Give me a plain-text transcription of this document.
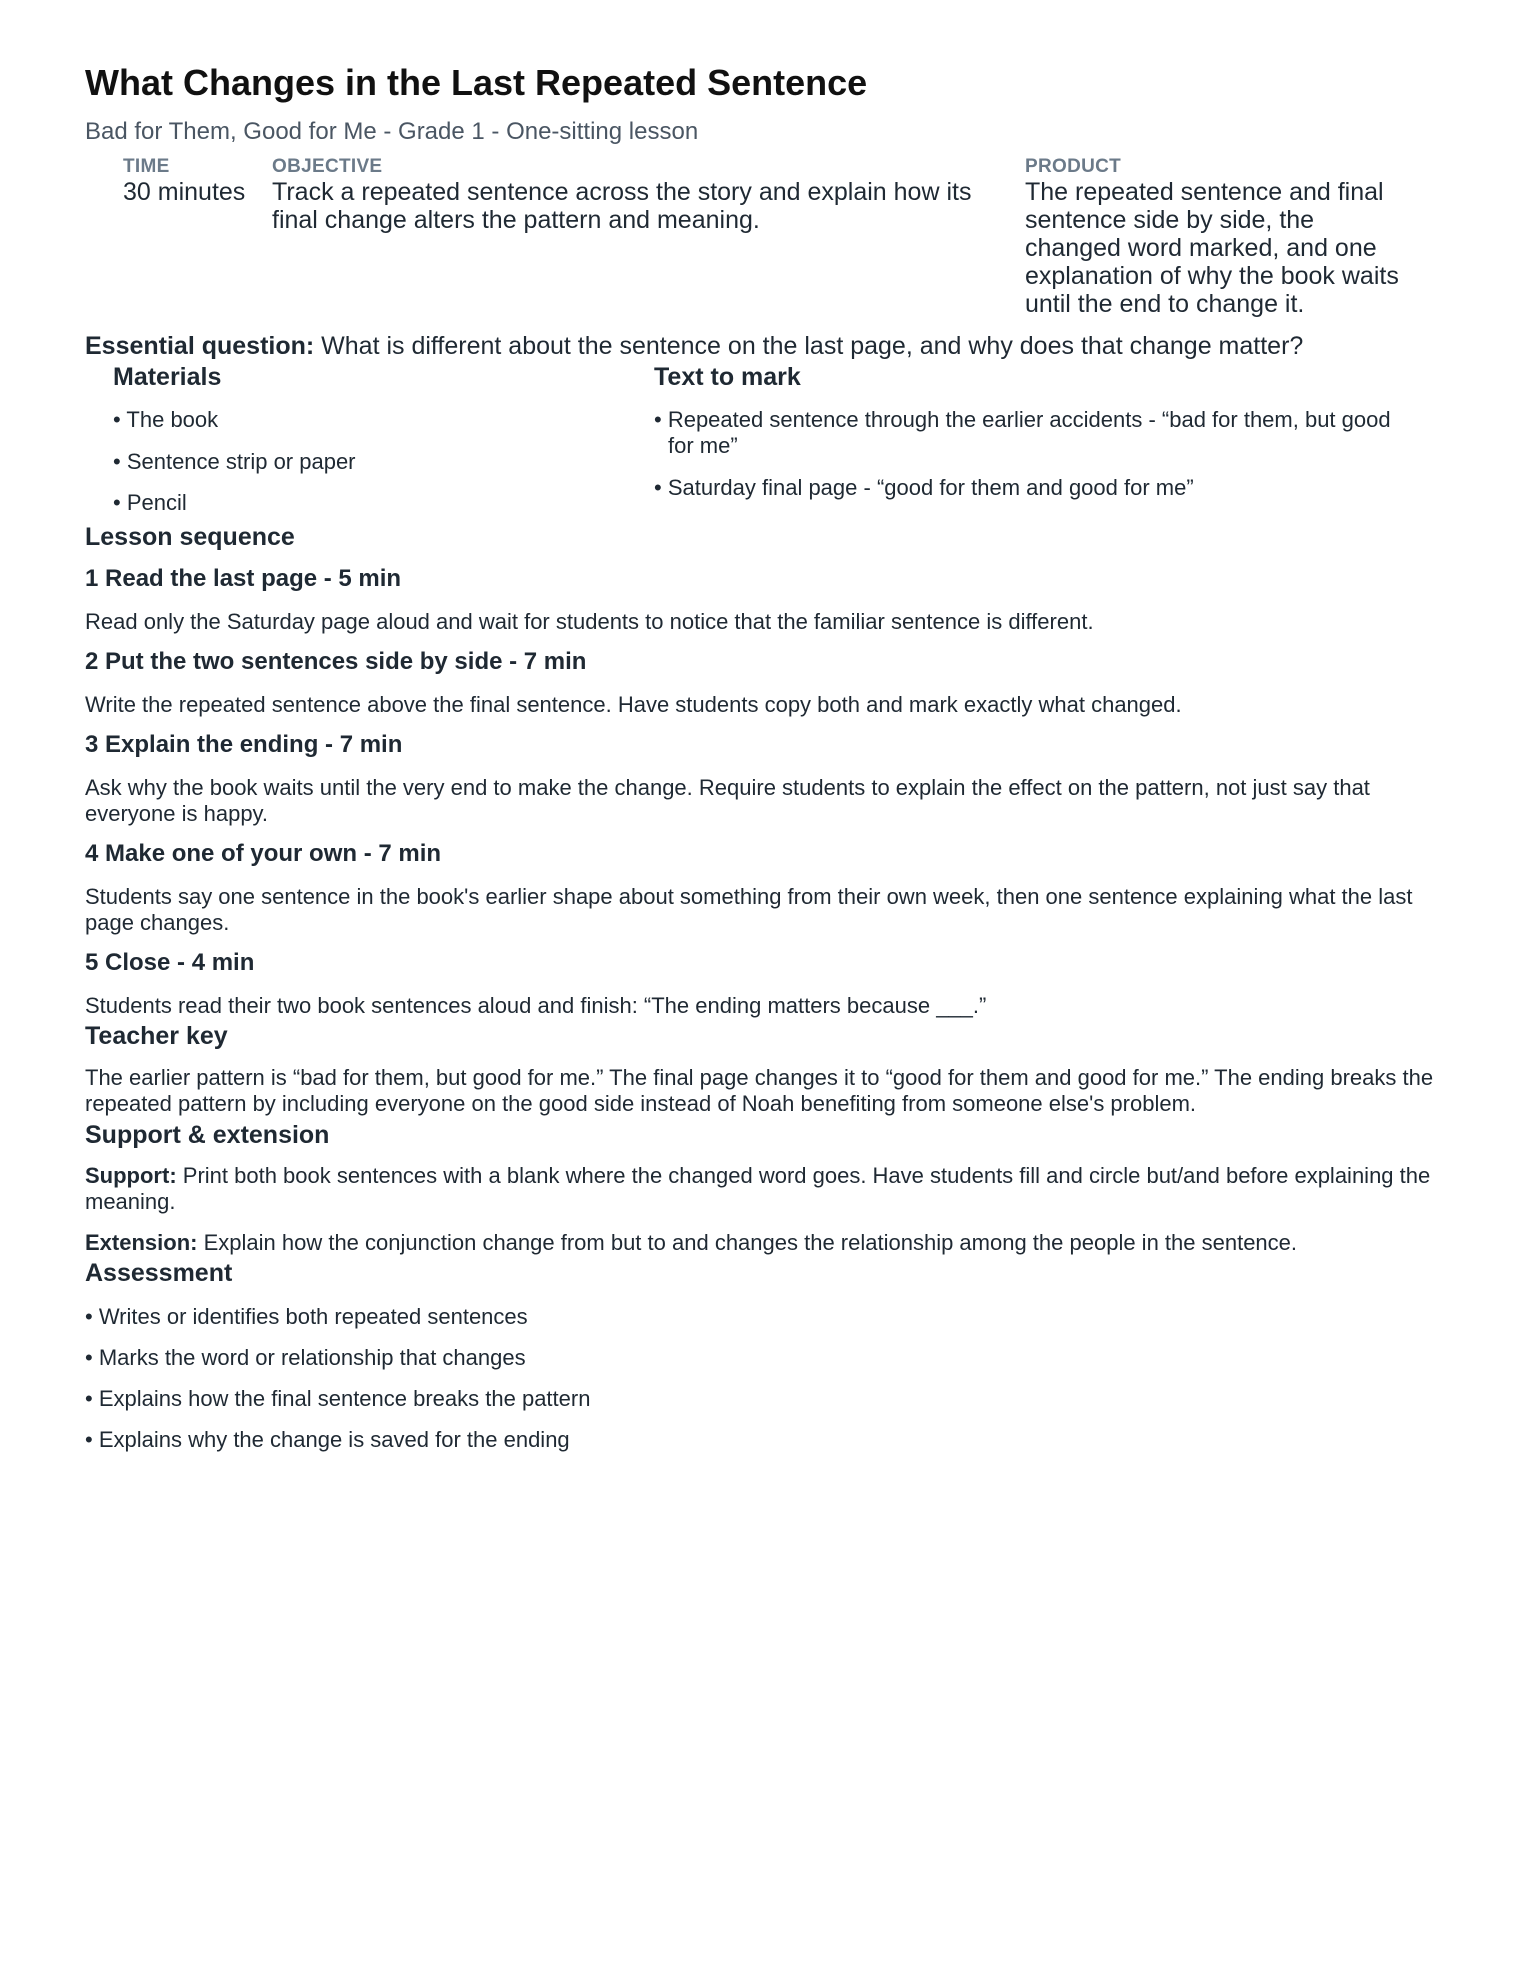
What Changes in the Last Repeated Sentence
Bad for Them, Good for Me - Grade 1 - One-sitting lesson
TIME
30 minutes
OBJECTIVE
Track a repeated sentence across the story and explain how its final change alters the pattern and meaning.
PRODUCT
The repeated sentence and final sentence side by side, the changed word marked, and one explanation of why the book waits until the end to change it.
Essential question: What is different about the sentence on the last page, and why does that change matter?
Materials
• The book
• Sentence strip or paper
• Pencil
Text to mark
• Repeated sentence through the earlier accidents - “bad for them, but good for me”
• Saturday final page - “good for them and good for me”
Lesson sequence
1 Read the last page - 5 min
Read only the Saturday page aloud and wait for students to notice that the familiar sentence is different.
2 Put the two sentences side by side - 7 min
Write the repeated sentence above the final sentence. Have students copy both and mark exactly what changed.
3 Explain the ending - 7 min
Ask why the book waits until the very end to make the change. Require students to explain the effect on the pattern, not just say that everyone is happy.
4 Make one of your own - 7 min
Students say one sentence in the book's earlier shape about something from their own week, then one sentence explaining what the last page changes.
5 Close - 4 min
Students read their two book sentences aloud and finish: “The ending matters because ___.”
Teacher key
The earlier pattern is “bad for them, but good for me.” The final page changes it to “good for them and good for me.” The ending breaks the repeated pattern by including everyone on the good side instead of Noah benefiting from someone else's problem.
Support & extension
Support: Print both book sentences with a blank where the changed word goes. Have students fill and circle but/and before explaining the meaning.
Extension: Explain how the conjunction change from but to and changes the relationship among the people in the sentence.
Assessment
• Writes or identifies both repeated sentences
• Marks the word or relationship that changes
• Explains how the final sentence breaks the pattern
• Explains why the change is saved for the ending
